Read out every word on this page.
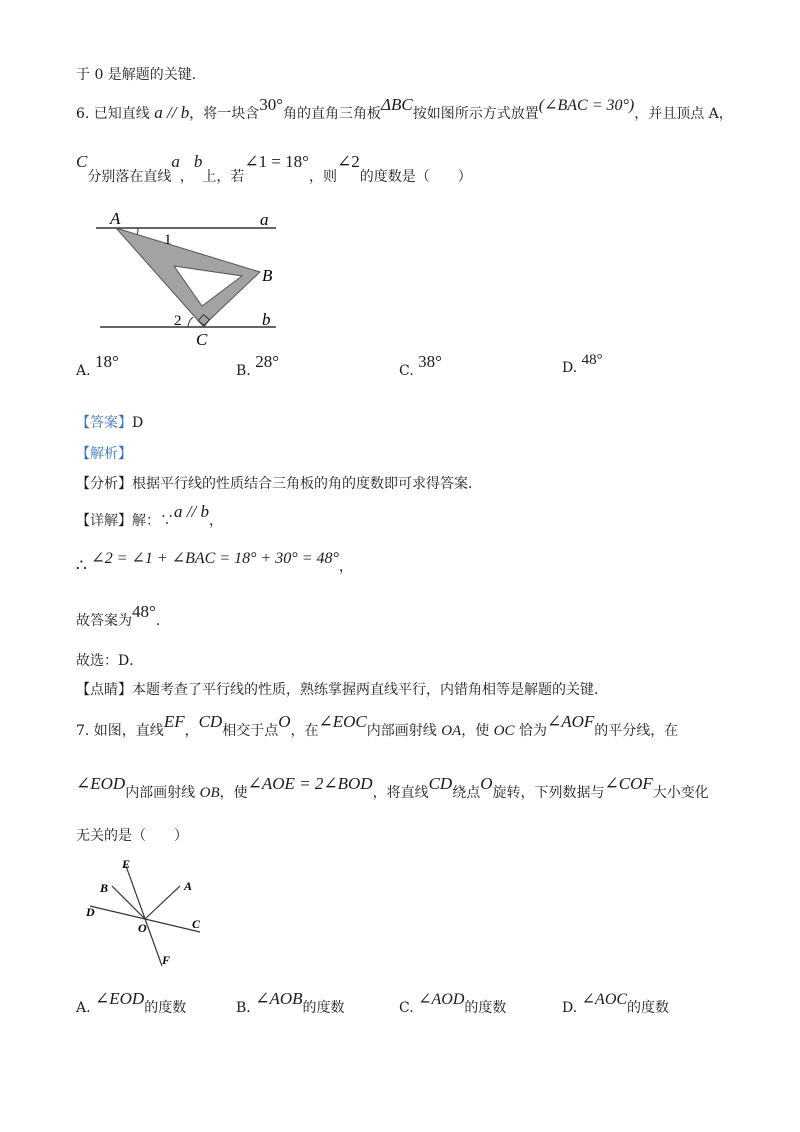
于 0 是解题的关键．
6. 已知直线 a // b，将一块含30°角的直角三角板ΔBC按如图所示方式放置(∠BAC = 30°)，并且顶点 A，
C分别落在直线a，b上，若∠1 = 18°，则∠2的度数是（　　）
A	a
1
B
2	b
C
A. 18°	B. 28°	C. 38°	D. 48°
【答案】D
【解析】
【分析】根据平行线的性质结合三角板的角的度数即可求得答案．
【详解】解：∵a // b，
∴ ∠2 = ∠1 + ∠BAC = 18° + 30° = 48°，
故答案为48°．
故选：D．
【点睛】本题考查了平行线的性质，熟练掌握两直线平行，内错角相等是解题的关键．
7. 如图，直线EF，CD相交于点O，在∠EOC内部画射线 OA，使 OC 恰为∠AOF的平分线，在
∠EOD内部画射线 OB，使∠AOE = 2∠BOD，将直线CD绕点O旋转，下列数据与∠COF大小变化
无关的是（　　）
E
B	A
D
C
O
F
A. ∠EOD的度数	B. ∠AOB的度数	C. ∠AOD的度数	D. ∠AOC的度数
